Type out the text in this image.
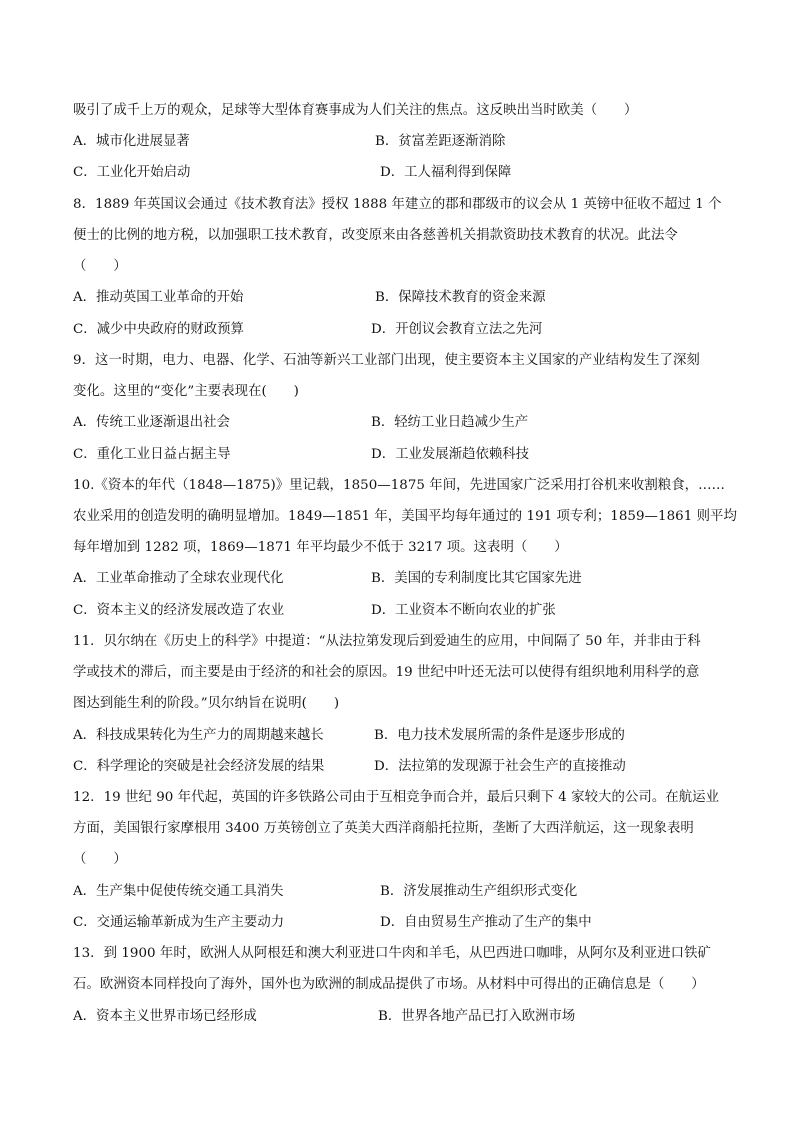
吸引了成千上万的观众，足球等大型体育赛事成为人们关注的焦点。这反映出当时欧美（　　）
A．城市化进展显著	B．贫富差距逐渐消除
C．工业化开始启动	D．工人福利得到保障
8．1889 年英国议会通过《技术教育法》授权 1888 年建立的郡和郡级市的议会从 1 英镑中征收不超过 1 个
便士的比例的地方税，以加强职工技术教育，改变原来由各慈善机关捐款资助技术教育的状况。此法令
（　　）
A．推动英国工业革命的开始	B．保障技术教育的资金来源
C．减少中央政府的财政预算	D．开创议会教育立法之先河
9．这一时期，电力、电器、化学、石油等新兴工业部门出现，使主要资本主义国家的产业结构发生了深刻
变化。这里的“变化”主要表现在(　　)
A．传统工业逐渐退出社会	B．轻纺工业日趋减少生产
C．重化工业日益占据主导	D．工业发展渐趋依赖科技
10.《资本的年代（1848—1875)》里记载，1850—1875 年间，先进国家广泛采用打谷机来收割粮食，……
农业采用的创造发明的确明显增加。1849—1851 年，美国平均每年通过的 191 项专利；1859—1861 则平均
每年增加到 1282 项，1869—1871 年平均最少不低于 3217 项。这表明（　　）
A．工业革命推动了全球农业现代化	B．美国的专利制度比其它国家先进
C．资本主义的经济发展改造了农业	D．工业资本不断向农业的扩张
11．贝尔纳在《历史上的科学》中提道：“从法拉第发现后到爱迪生的应用，中间隔了 50 年，并非由于科
学或技术的滞后，而主要是由于经济的和社会的原因。19 世纪中叶还无法可以使得有组织地利用科学的意
图达到能生利的阶段。”贝尔纳旨在说明(　　)
A．科技成果转化为生产力的周期越来越长	B．电力技术发展所需的条件是逐步形成的
C．科学理论的突破是社会经济发展的结果	D．法拉第的发现源于社会生产的直接推动
12．19 世纪 90 年代起，英国的许多铁路公司由于互相竞争而合并，最后只剩下 4 家较大的公司。在航运业
方面，美国银行家摩根用 3400 万英镑创立了英美大西洋商船托拉斯，垄断了大西洋航运，这一现象表明
（　　）
A．生产集中促使传统交通工具消失	B．济发展推动生产组织形式变化
C．交通运输革新成为生产主要动力	D．自由贸易生产推动了生产的集中
13．到 1900 年时，欧洲人从阿根廷和澳大利亚进口牛肉和羊毛，从巴西进口咖啡，从阿尔及利亚进口铁矿
石。欧洲资本同样投向了海外，国外也为欧洲的制成品提供了市场。从材料中可得出的正确信息是（　　）
A．资本主义世界市场已经形成	B．世界各地产品已打入欧洲市场
